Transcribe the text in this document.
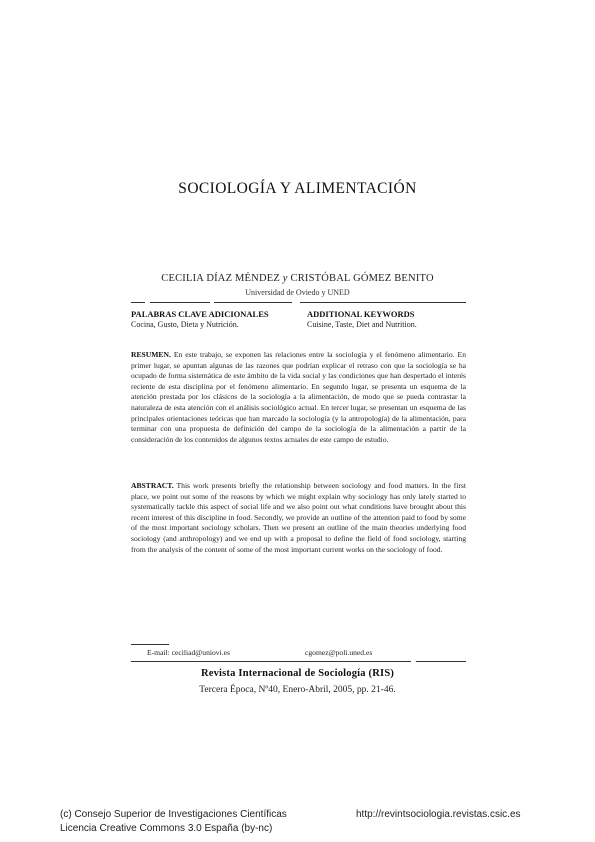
SOCIOLOGÍA Y ALIMENTACIÓN
CECILIA DÍAZ MÉNDEZ y CRISTÓBAL GÓMEZ BENITO
Universidad de Oviedo y UNED
PALABRAS CLAVE ADICIONALES
Cocina, Gusto, Dieta y Nutrición.
ADDITIONAL KEYWORDS
Cuisine, Taste, Diet and Nutrition.
RESUMEN. En este trabajo, se exponen las relaciones entre la sociología y el fenómeno alimentario. En primer lugar, se apuntan algunas de las razones que podrían explicar el retraso con que la sociología se ha ocupado de forma sistemática de este ámbito de la vida social y las condiciones que han despertado el interés reciente de esta disciplina por el fenómeno alimentario. En segundo lugar, se presenta un esquema de la atención prestada por los clásicos de la sociología a la alimentación, de modo que se pueda contrastar la naturaleza de esta atención con el análisis sociológico actual. En tercer lugar, se presentan un esquema de las principales orientaciones teóricas que han marcado la sociología (y la antropología) de la alimentación, para terminar con una propuesta de definición del campo de la sociología de la alimentación a partir de la consideración de los contenidos de algunos textos actuales de este campo de estudio.
ABSTRACT. This work presents briefly the relationship between sociology and food matters. In the first place, we point out some of the reasons by which we might explain why sociology has only lately started to systematically tackle this aspect of social life and we also point out what conditions have brought about this recent interest of this discipline in food. Secondly, we provide an outline of the attention paid to food by some of the most important sociology scholars. Then we present an outline of the main theories underlying food sociology (and anthropology) and we end up with a proposal to define the field of food sociology, starting from the analysis of the content of some of the most important current works on the sociology of food.
E-mail: ceciliad@uniovi.es	cgomez@poli.uned.es
Revista Internacional de Sociología (RIS)
Tercera Época, Nº40, Enero-Abril, 2005, pp. 21-46.
(c) Consejo Superior de Investigaciones Científicas
Licencia Creative Commons 3.0 España (by-nc)
http://revintsociologia.revistas.csic.es
